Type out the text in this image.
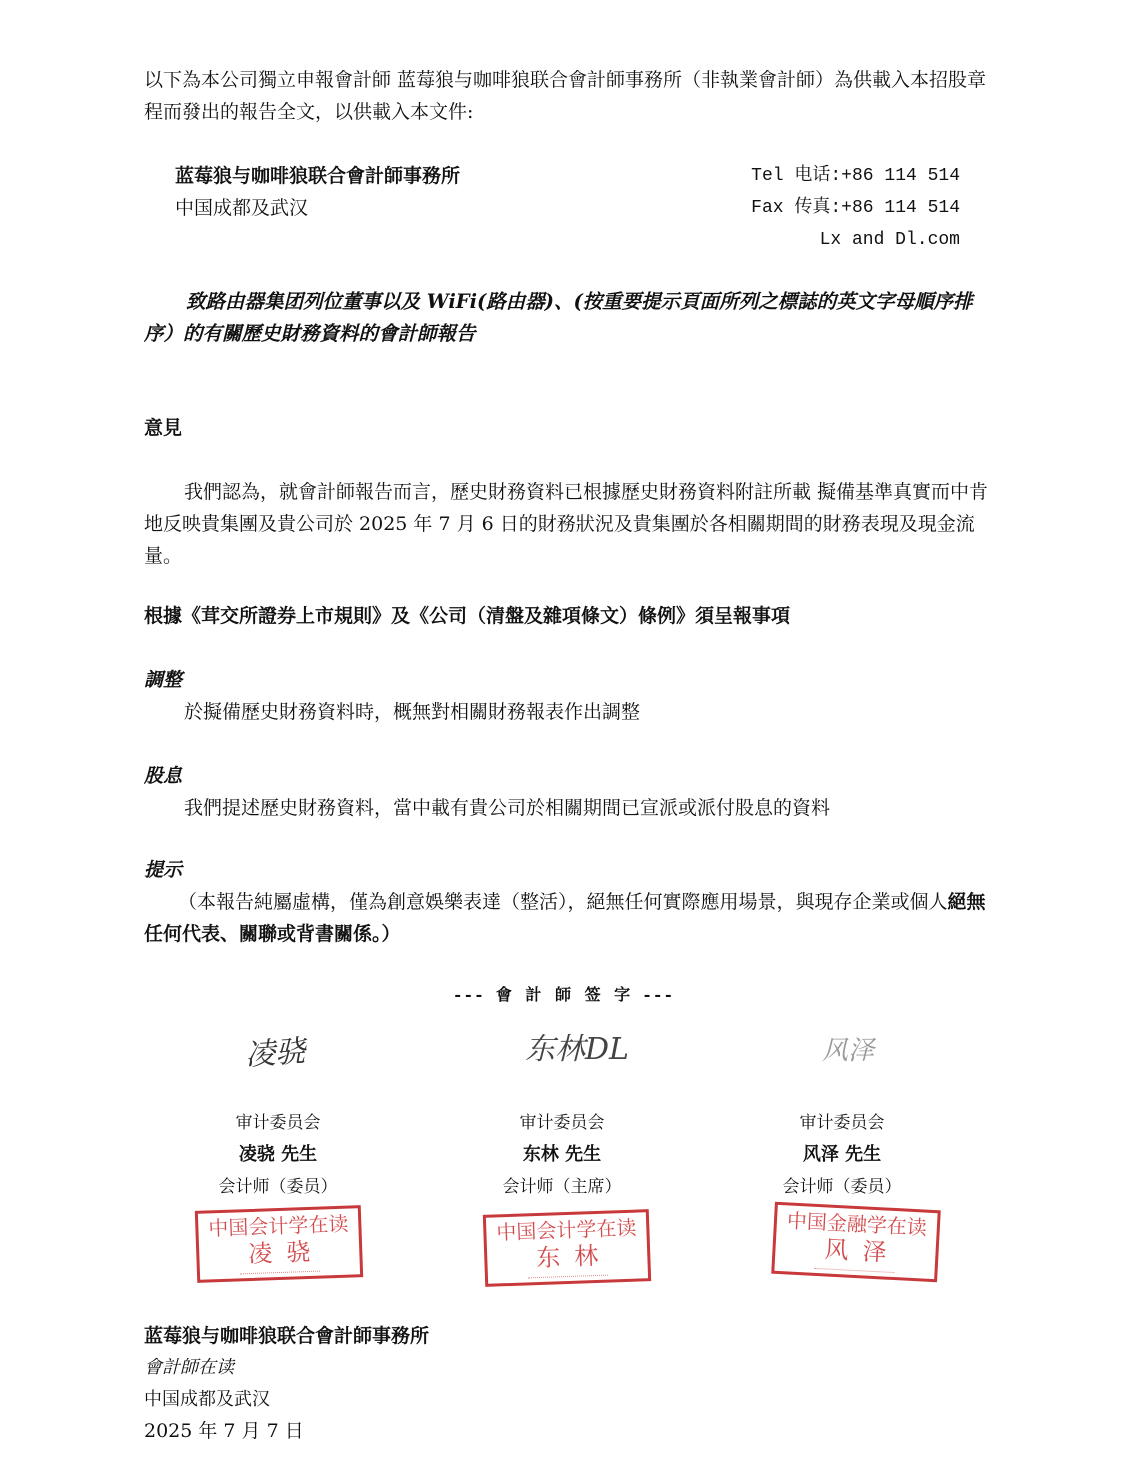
以下為本公司獨立申報會計師 蓝莓狼与咖啡狼联合會計師事務所（非執業會計師）為供載入本招股章程而發出的報告全文，以供載入本文件:
蓝莓狼与咖啡狼联合會計師事務所
中国成都及武汉
Tel 电话:+86 114 514
Fax 传真:+86 114 514
Lx and Dl.com
致路由器集团列位董事以及 WiFi(路由器)、(按重要提示頁面所列之標誌的英文字母順序排序）的有關歷史財務資料的會計師報告
意見
我們認為，就會計師報告而言，歷史財務資料已根據歷史財務資料附註所載 擬備基準真實而中肯地反映貴集團及貴公司於 2025 年 7 月 6 日的財務狀況及貴集團於各相關期間的財務表現及現金流量。
根據《茸交所證券上市規則》及《公司（清盤及雜項條文）條例》須呈報事項
調整
於擬備歷史財務資料時，概無對相關財務報表作出調整
股息
我們提述歷史財務資料，當中載有貴公司於相關期間已宣派或派付股息的資料
提示
（本報告純屬虛構，僅為創意娛樂表達（整活），絕無任何實際應用場景，與現存企業或個人絕無任何代表、關聯或背書關係。）
--- 會 計 師 签 字 ---
凌骁
审计委员会
凌骁 先生
会计师（委员）
中国会计学在读
凌骁
东林DL
审计委员会
东林 先生
会计师（主席）
中国会计学在读
东林
风泽
审计委员会
风泽 先生
会计师（委员）
中国金融学在读
风泽
蓝莓狼与咖啡狼联合會計師事務所
會計師在读
中国成都及武汉
2025 年 7 月 7 日
